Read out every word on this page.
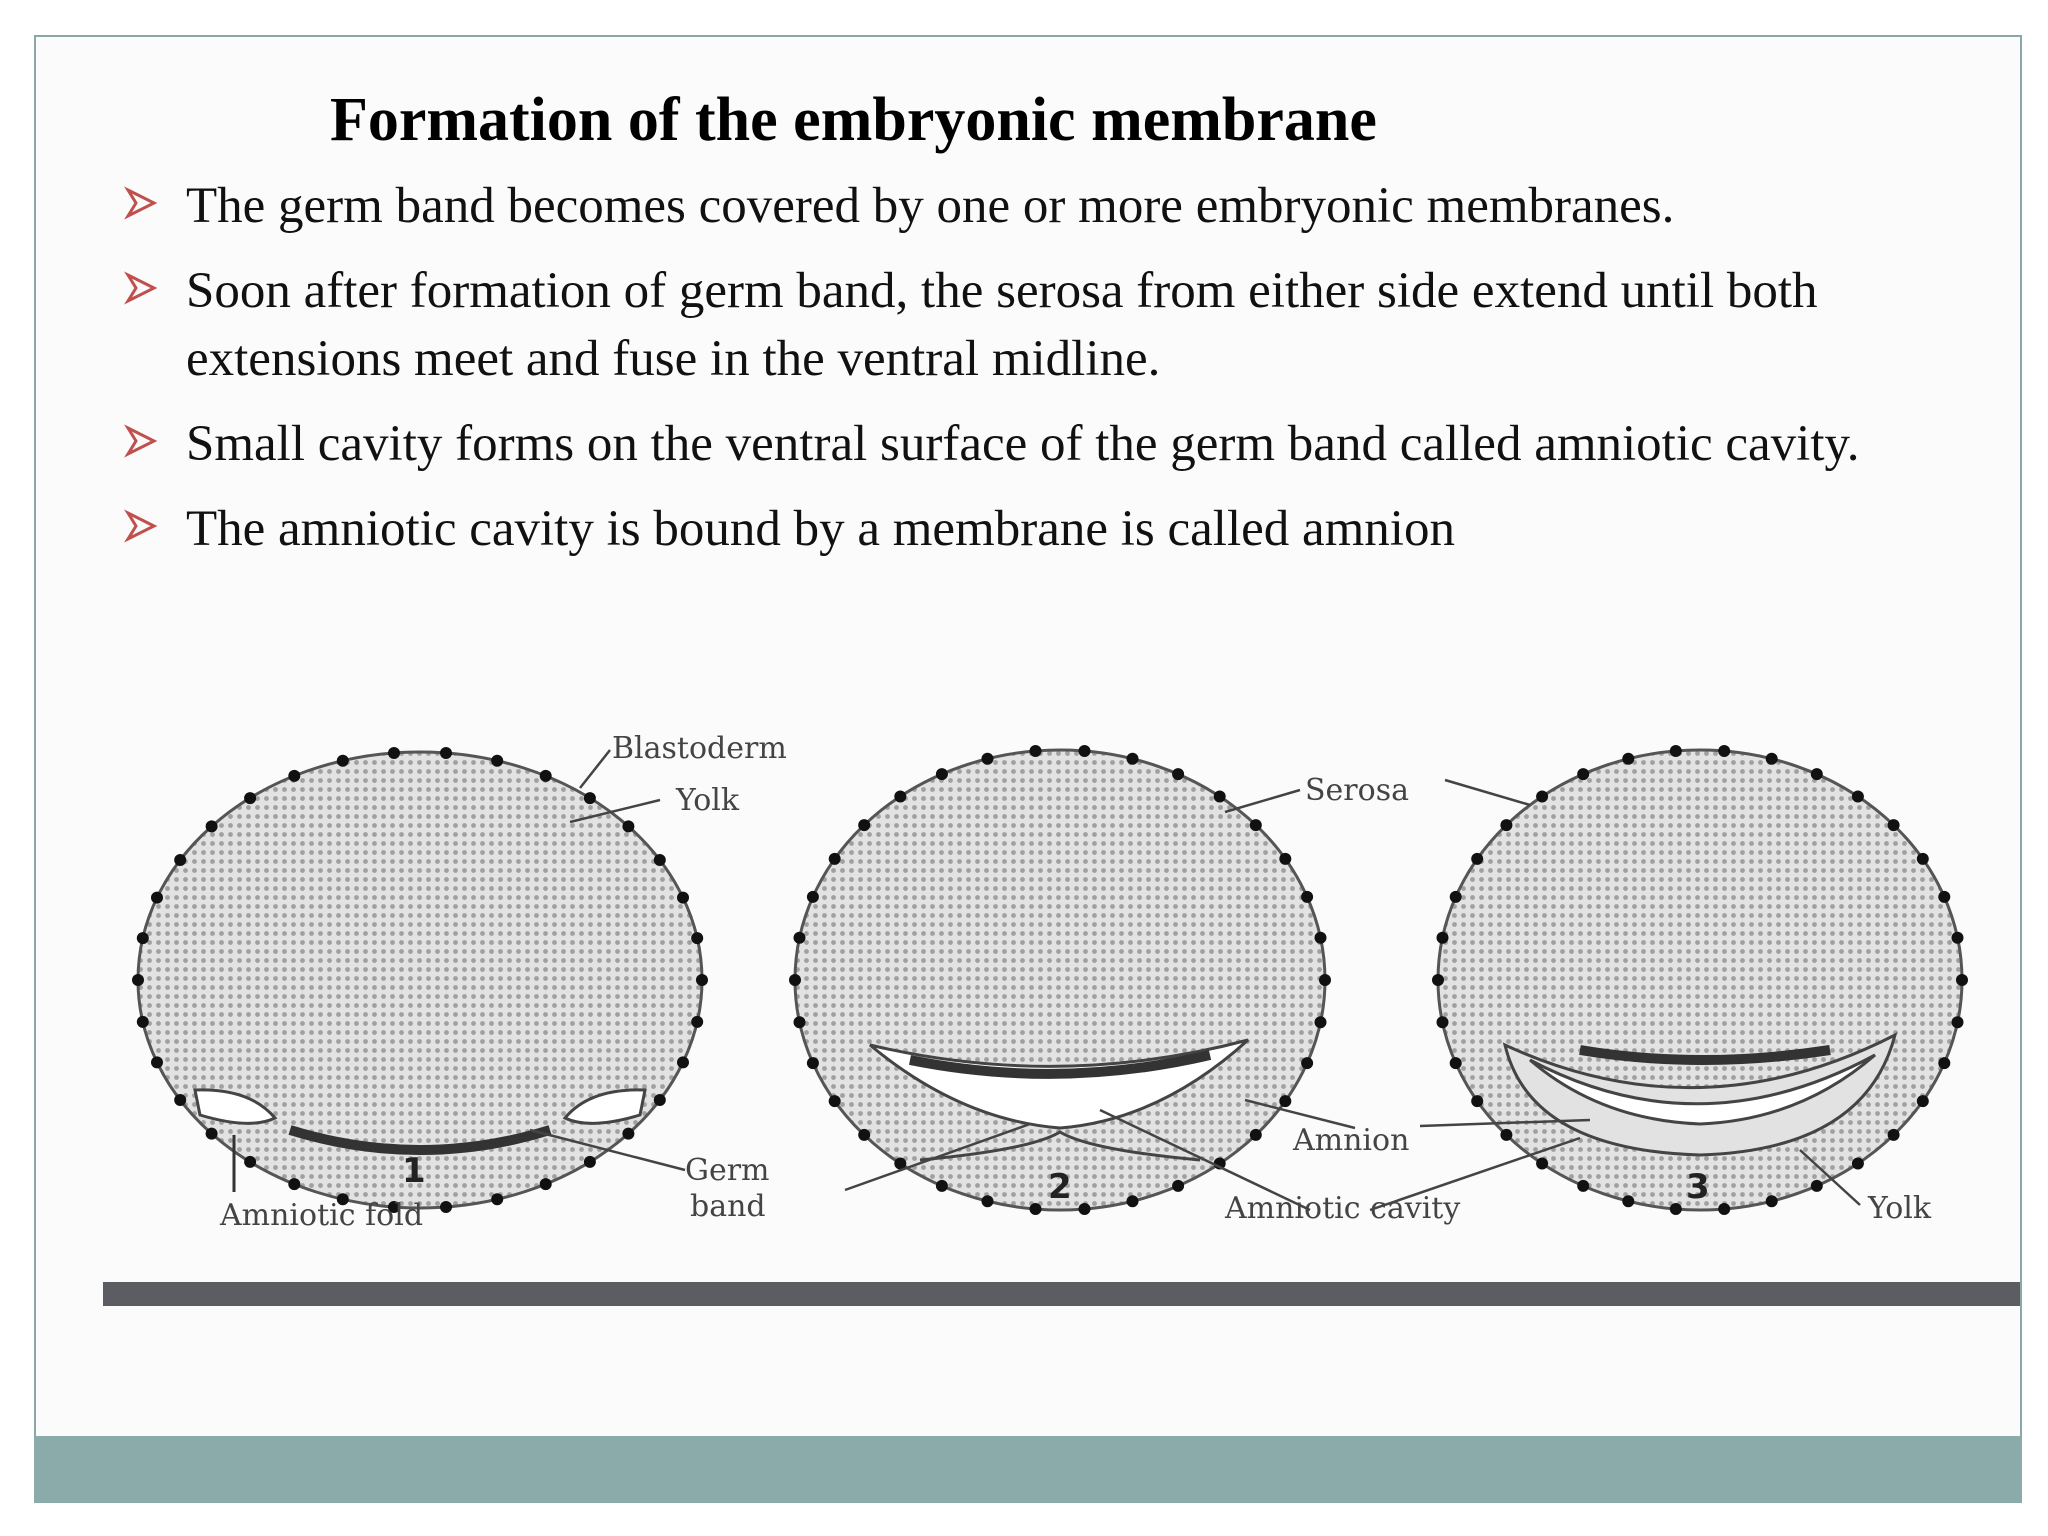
Formation of the embryonic membrane
The germ band becomes covered by one or more embryonic membranes.
Soon after formation of germ band, the serosa from either side extend until both extensions meet and fuse in the ventral midline.
Small cavity forms on the ventral surface of the germ band called amniotic cavity.
The amniotic cavity is bound by a membrane is called amnion
Blastoderm
Yolk	Serosa
Germ
band
Amnion
Amniotic fold	Amniotic cavity	Yolk
1	2	3
